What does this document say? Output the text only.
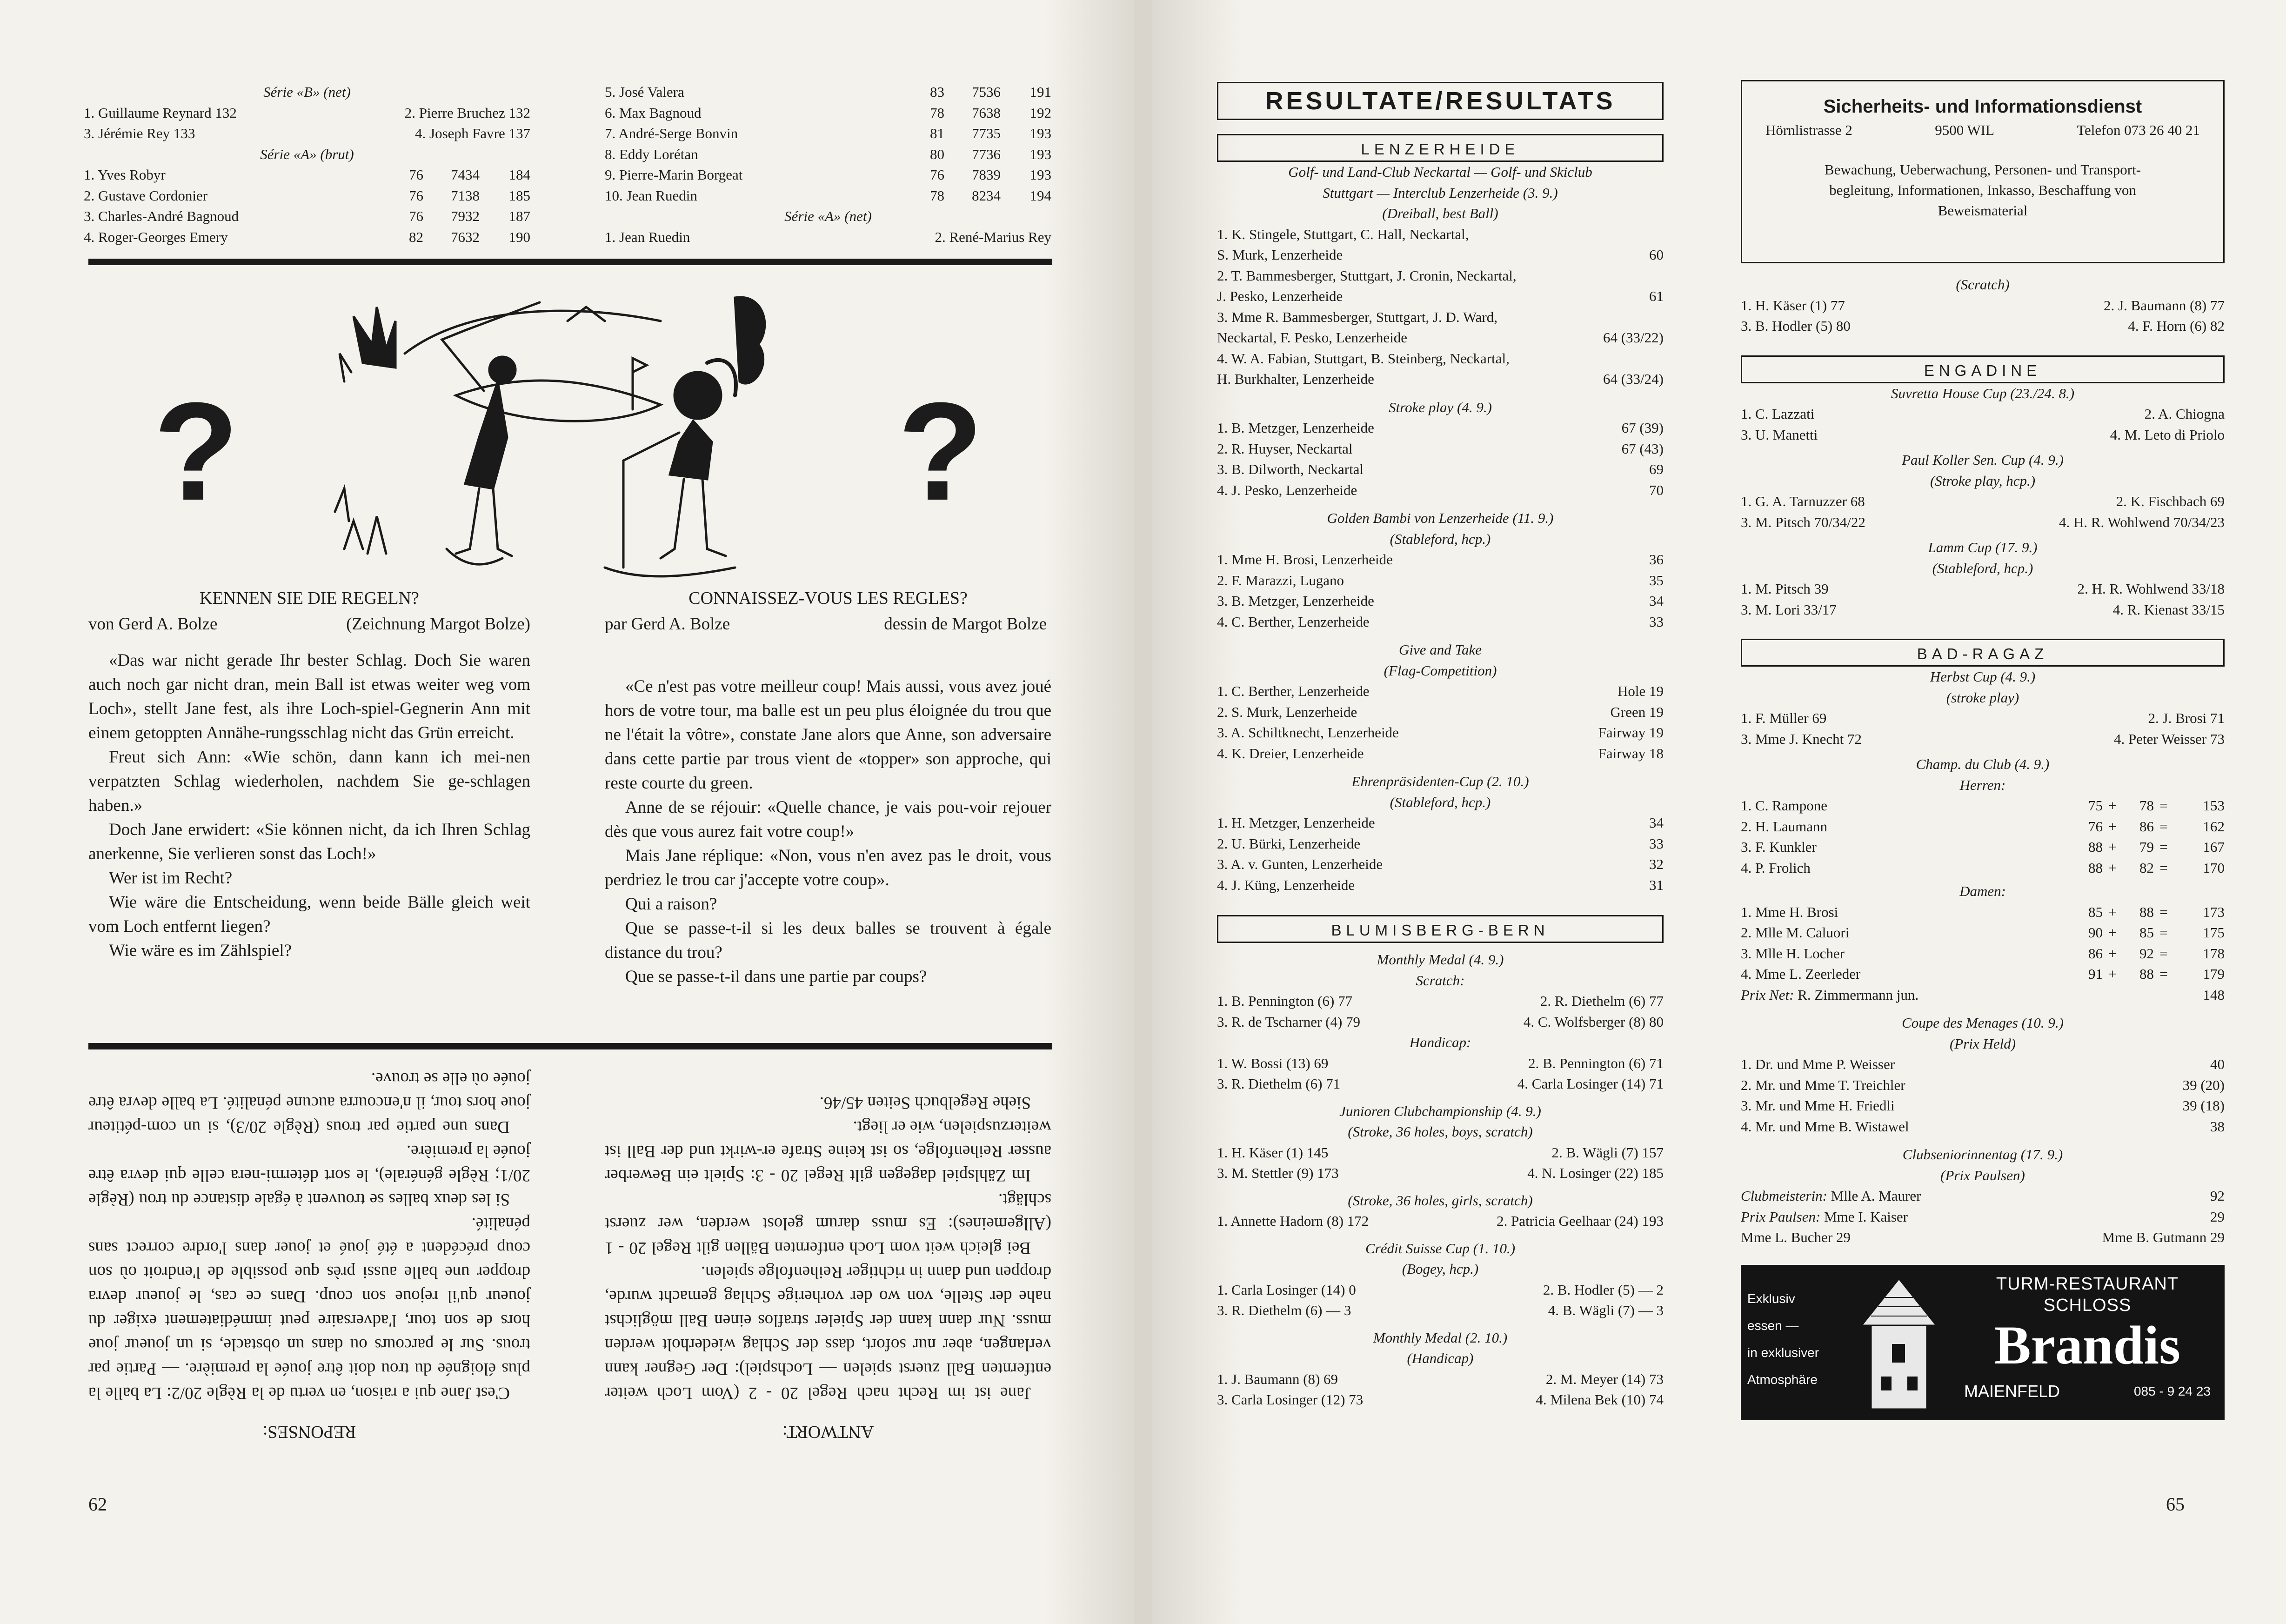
Série «B» (net)
1. Guillaume Reynard 132	2. Pierre Bruchez 132
3. Jérémie Rey 133	4. Joseph Favre 137
Série «A» (brut)
1. Yves Robyr	76	74 34	184
2. Gustave Cordonier	76	71 38	185
3. Charles-André Bagnoud	76	79 32	187
4. Roger-Georges Emery	82	76 32	190
5. José Valera	83	75 36	191
6. Max Bagnoud	78	76 38	192
7. André-Serge Bonvin	81	77 35	193
8. Eddy Lorétan	80	77 36	193
9. Pierre-Marin Borgeat	76	78 39	193
10. Jean Ruedin	78	82 34	194
Série «A» (net)
1. Jean Ruedin	2. René-Marius Rey
?	?
KENNEN SIE DIE REGELN?
von Gerd A. Bolze	(Zeichnung Margot Bolze)
«Das war nicht gerade Ihr bester Schlag. Doch Sie waren auch noch gar nicht dran, mein Ball ist etwas weiter weg vom Loch», stellt Jane fest, als ihre Loch-spiel-Gegnerin Ann mit einem getoppten Annähe-rungsschlag nicht das Grün erreicht.
Freut sich Ann: «Wie schön, dann kann ich mei-nen verpatzten Schlag wiederholen, nachdem Sie ge-schlagen haben.»
Doch Jane erwidert: «Sie können nicht, da ich Ihren Schlag anerkenne, Sie verlieren sonst das Loch!»
Wer ist im Recht?
Wie wäre die Entscheidung, wenn beide Bälle gleich weit vom Loch entfernt liegen?
Wie wäre es im Zählspiel?
CONNAISSEZ-VOUS LES REGLES?
par Gerd A. Bolze	dessin de Margot Bolze
«Ce n'est pas votre meilleur coup! Mais aussi, vous avez joué hors de votre tour, ma balle est un peu plus éloignée du trou que ne l'était la vôtre», constate Jane alors que Anne, son adversaire dans cette partie par trous vient de «topper» son approche, qui reste courte du green.
Anne de se réjouir: «Quelle chance, je vais pou-voir rejouer dès que vous aurez fait votre coup!»
Mais Jane réplique: «Non, vous n'en avez pas le droit, vous perdriez le trou car j'accepte votre coup».
Qui a raison?
Que se passe-t-il si les deux balles se trouvent à égale distance du trou?
Que se passe-t-il dans une partie par coups?
ANTWORT:
Jane ist im Recht nach Regel 20 - 2 (Vom Loch weiter entfernten Ball zuerst spielen — Lochspiel): Der Gegner kann verlangen, aber nur sofort, dass der Schlag wiederholt werden muss. Nur dann kann der Spieler straflos einen Ball möglichst nahe der Stelle, von wo der vorherige Schlag gemacht wurde, droppen und dann in richtiger Reihenfolge spielen.
Bei gleich weit vom Loch entfernten Bällen gilt Regel 20 - 1 (Allgemeines): Es muss darum gelost werden, wer zuerst schlägt.
Im Zählspiel dagegen gilt Regel 20 - 3: Spielt ein Bewerber ausser Reihenfolge, so ist keine Strafe er-wirkt und der Ball ist weiterzuspielen, wie er liegt.
Siehe Regelbuch Seiten 45/46.
REPONSES:
C'est Jane qui a raison, en vertu de la Règle 20/2: La balle la plus éloignée du trou doit être jouée la première. — Partie par trous. Sur le parcours ou dans un obstacle, si un joueur joue hors de son tour, l'adversaire peut immédiatement exiger du joueur qu'il rejoue son coup. Dans ce cas, le joueur devra dropper une balle aussi près que possible de l'endroit où son coup précédent a été joué et jouer dans l'ordre correct sans pénalité.
Si les deux balles se trouvent à égale distance du trou (Règle 20/1; Règle générale), le sort détermi-nera celle qui devra être jouée la première.
Dans une partie par trous (Règle 20/3), si un com-pétiteur joue hors tour, il n'encourra aucune pénalité. La balle devra être jouée où elle se trouve.
62
RESULTATE/RESULTATS
LENZERHEIDE
Golf- und Land-Club Neckartal — Golf- und Skiclub
Stuttgart — Interclub Lenzerheide (3. 9.)
(Dreiball, best Ball)
1. K. Stingele, Stuttgart, C. Hall, Neckartal,
S. Murk, Lenzerheide	60
2. T. Bammesberger, Stuttgart, J. Cronin, Neckartal,
J. Pesko, Lenzerheide	61
3. Mme R. Bammesberger, Stuttgart, J. D. Ward,
Neckartal, F. Pesko, Lenzerheide	64 (33/22)
4. W. A. Fabian, Stuttgart, B. Steinberg, Neckartal,
H. Burkhalter, Lenzerheide	64 (33/24)
Stroke play (4. 9.)
1. B. Metzger, Lenzerheide	67 (39)
2. R. Huyser, Neckartal	67 (43)
3. B. Dilworth, Neckartal	69
4. J. Pesko, Lenzerheide	70
Golden Bambi von Lenzerheide (11. 9.)
(Stableford, hcp.)
1. Mme H. Brosi, Lenzerheide	36
2. F. Marazzi, Lugano	35
3. B. Metzger, Lenzerheide	34
4. C. Berther, Lenzerheide	33
Give and Take
(Flag-Competition)
1. C. Berther, Lenzerheide	Hole 19
2. S. Murk, Lenzerheide	Green 19
3. A. Schiltknecht, Lenzerheide	Fairway 19
4. K. Dreier, Lenzerheide	Fairway 18
Ehrenpräsidenten-Cup (2. 10.)
(Stableford, hcp.)
1. H. Metzger, Lenzerheide	34
2. U. Bürki, Lenzerheide	33
3. A. v. Gunten, Lenzerheide	32
4. J. Küng, Lenzerheide	31
BLUMISBERG-BERN
Monthly Medal (4. 9.)
Scratch:
1. B. Pennington (6) 77	2. R. Diethelm (6) 77
3. R. de Tscharner (4) 79	4. C. Wolfsberger (8) 80
Handicap:
1. W. Bossi (13) 69	2. B. Pennington (6) 71
3. R. Diethelm (6) 71	4. Carla Losinger (14) 71
Junioren Clubchampionship (4. 9.)
(Stroke, 36 holes, boys, scratch)
1. H. Käser (1) 145	2. B. Wägli (7) 157
3. M. Stettler (9) 173	4. N. Losinger (22) 185
(Stroke, 36 holes, girls, scratch)
1. Annette Hadorn (8) 172	2. Patricia Geelhaar (24) 193
Crédit Suisse Cup (1. 10.)
(Bogey, hcp.)
1. Carla Losinger (14) 0	2. B. Hodler (5) — 2
3. R. Diethelm (6) — 3	4. B. Wägli (7) — 3
Monthly Medal (2. 10.)
(Handicap)
1. J. Baumann (8) 69	2. M. Meyer (14) 73
3. Carla Losinger (12) 73	4. Milena Bek (10) 74
Sicherheits- und Informationsdienst
Hörnlistrasse 2	9500 WIL	Telefon 073 26 40 21
Bewachung, Ueberwachung, Personen- und Transport-
begleitung, Informationen, Inkasso, Beschaffung von
Beweismaterial
(Scratch)
1. H. Käser (1) 77	2. J. Baumann (8) 77
3. B. Hodler (5) 80	4. F. Horn (6) 82
ENGADINE
Suvretta House Cup (23./24. 8.)
1. C. Lazzati	2. A. Chiogna
3. U. Manetti	4. M. Leto di Priolo
Paul Koller Sen. Cup (4. 9.)
(Stroke play, hcp.)
1. G. A. Tarnuzzer 68	2. K. Fischbach 69
3. M. Pitsch 70/34/22	4. H. R. Wohlwend 70/34/23
Lamm Cup (17. 9.)
(Stableford, hcp.)
1. M. Pitsch 39	2. H. R. Wohlwend 33/18
3. M. Lori 33/17	4. R. Kienast 33/15
BAD-RAGAZ
Herbst Cup (4. 9.)
(stroke play)
1. F. Müller 69	2. J. Brosi 71
3. Mme J. Knecht 72	4. Peter Weisser 73
Champ. du Club (4. 9.)
Herren:
1. C. Rampone	75 + 78 = 153
2. H. Laumann	76 + 86 = 162
3. F. Kunkler	88 + 79 = 167
4. P. Frolich	88 + 82 = 170
Damen:
1. Mme H. Brosi	85 + 88 = 173
2. Mlle M. Caluori	90 + 85 = 175
3. Mlle H. Locher	86 + 92 = 178
4. Mme L. Zeerleder	91 + 88 = 179
Prix Net: R. Zimmermann jun.	148
Coupe des Menages (10. 9.)
(Prix Held)
1. Dr. und Mme P. Weisser	40
2. Mr. und Mme T. Treichler	39 (20)
3. Mr. und Mme H. Friedli	39 (18)
4. Mr. und Mme B. Wistawel	38
Clubseniorinnentag (17. 9.)
(Prix Paulsen)
Clubmeisterin: Mlle A. Maurer	92
Prix Paulsen: Mme I. Kaiser	29
Mme L. Bucher 29	Mme B. Gutmann 29
Exklusiv
essen —
in exklusiver
Atmosphäre
TURM-RESTAURANT
SCHLOSS
Brandis
MAIENFELD	085 - 9 24 23
65
